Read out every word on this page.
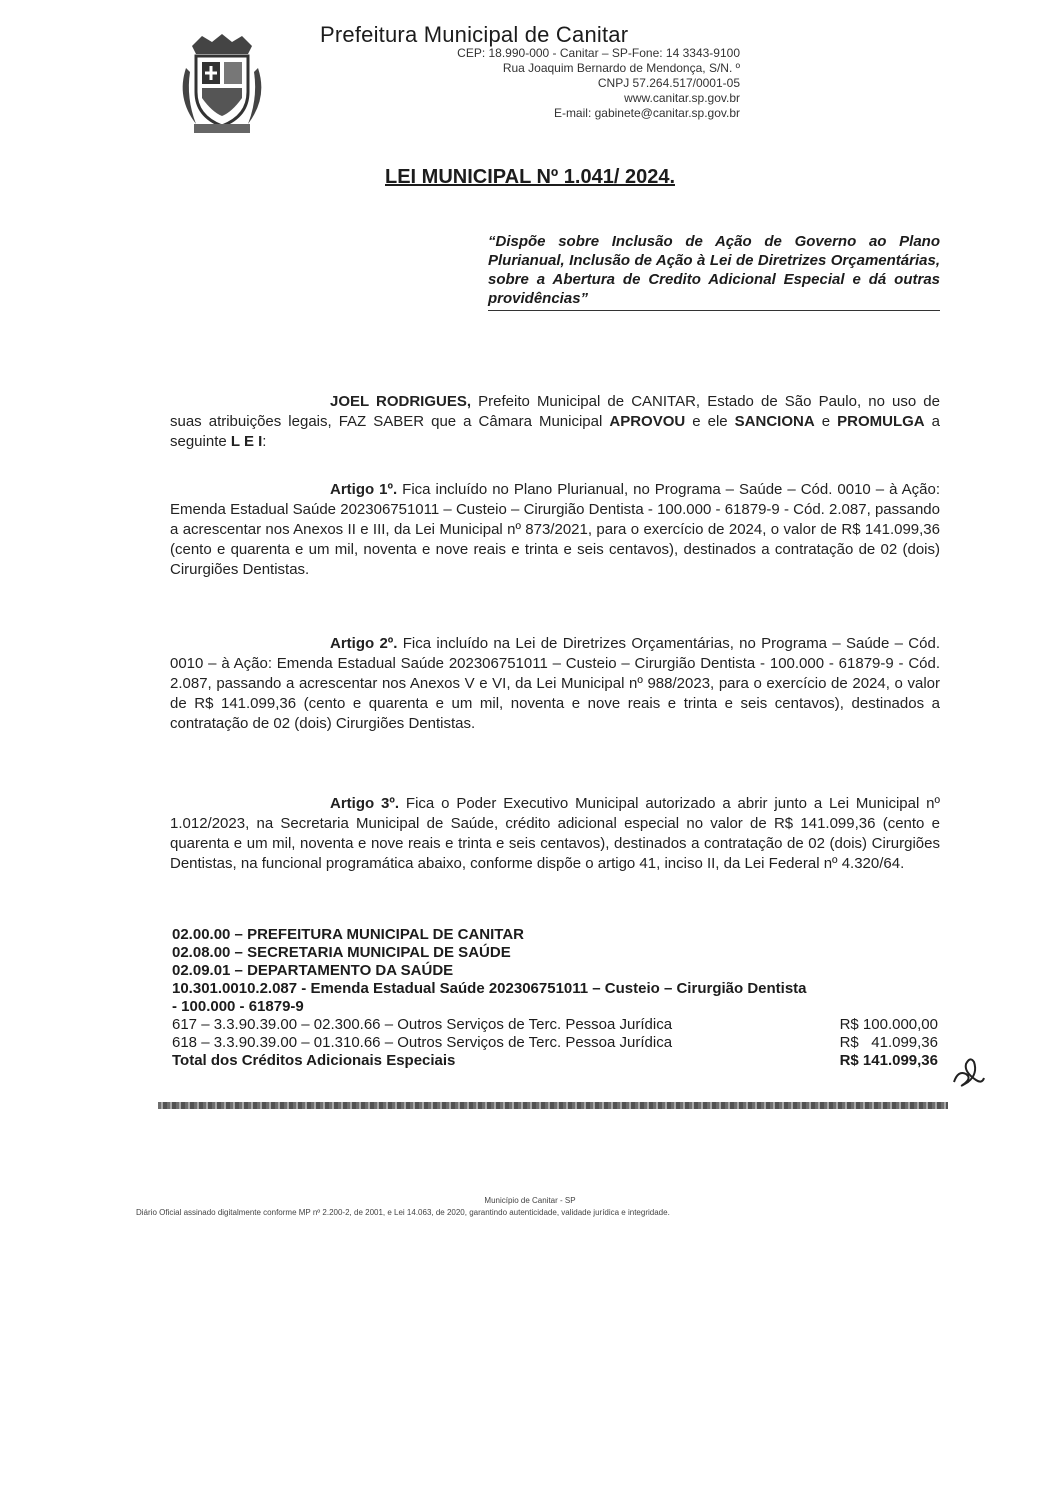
Prefeitura Municipal de Canitar
CEP: 18.990-000 - Canitar – SP-Fone: 14 3343-9100
Rua Joaquim Bernardo de Mendonça, S/N. º
CNPJ 57.264.517/0001-05
www.canitar.sp.gov.br
E-mail: gabinete@canitar.sp.gov.br
LEI MUNICIPAL Nº 1.041/ 2024.
“Dispõe sobre Inclusão de Ação de Governo ao Plano Plurianual, Inclusão de Ação à Lei de Diretrizes Orçamentárias, sobre a Abertura de Credito Adicional Especial e dá outras providências”
JOEL RODRIGUES, Prefeito Municipal de CANITAR, Estado de São Paulo, no uso de suas atribuições legais, FAZ SABER que a Câmara Municipal APROVOU e ele SANCIONA e PROMULGA a seguinte L E I:
Artigo 1º. Fica incluído no Plano Plurianual, no Programa – Saúde – Cód. 0010 – à Ação: Emenda Estadual Saúde 202306751011 – Custeio – Cirurgião Dentista - 100.000 - 61879-9 - Cód. 2.087, passando a acrescentar nos Anexos II e III, da Lei Municipal nº 873/2021, para o exercício de 2024, o valor de R$ 141.099,36 (cento e quarenta e um mil, noventa e nove reais e trinta e seis centavos), destinados a contratação de 02 (dois) Cirurgiões Dentistas.
Artigo 2º. Fica incluído na Lei de Diretrizes Orçamentárias, no Programa – Saúde – Cód. 0010 – à Ação: Emenda Estadual Saúde 202306751011 – Custeio – Cirurgião Dentista - 100.000 - 61879-9 - Cód. 2.087, passando a acrescentar nos Anexos V e VI, da Lei Municipal nº 988/2023, para o exercício de 2024, o valor de R$ 141.099,36 (cento e quarenta e um mil, noventa e nove reais e trinta e seis centavos), destinados a contratação de 02 (dois) Cirurgiões Dentistas.
Artigo 3º. Fica o Poder Executivo Municipal autorizado a abrir junto a Lei Municipal nº 1.012/2023, na Secretaria Municipal de Saúde, crédito adicional especial no valor de R$ 141.099,36 (cento e quarenta e um mil, noventa e nove reais e trinta e seis centavos), destinados a contratação de 02 (dois) Cirurgiões Dentistas, na funcional programática abaixo, conforme dispõe o artigo 41, inciso II, da Lei Federal nº 4.320/64.
02.00.00 – PREFEITURA MUNICIPAL DE CANITAR
02.08.00 – SECRETARIA MUNICIPAL DE SAÚDE
02.09.01 – DEPARTAMENTO DA SAÚDE
10.301.0010.2.087 - Emenda Estadual Saúde 202306751011 – Custeio – Cirurgião Dentista
- 100.000 - 61879-9
617 – 3.3.90.39.00 – 02.300.66 – Outros Serviços de Terc. Pessoa Jurídica	R$ 100.000,00
618 – 3.3.90.39.00 – 01.310.66 – Outros Serviços de Terc. Pessoa Jurídica	R$   41.099,36
Total dos Créditos Adicionais Especiais	R$ 141.099,36
Município de Canitar - SP
Diário Oficial assinado digitalmente conforme MP nº 2.200-2, de 2001, e Lei 14.063, de 2020, garantindo autenticidade, validade jurídica e integridade.
